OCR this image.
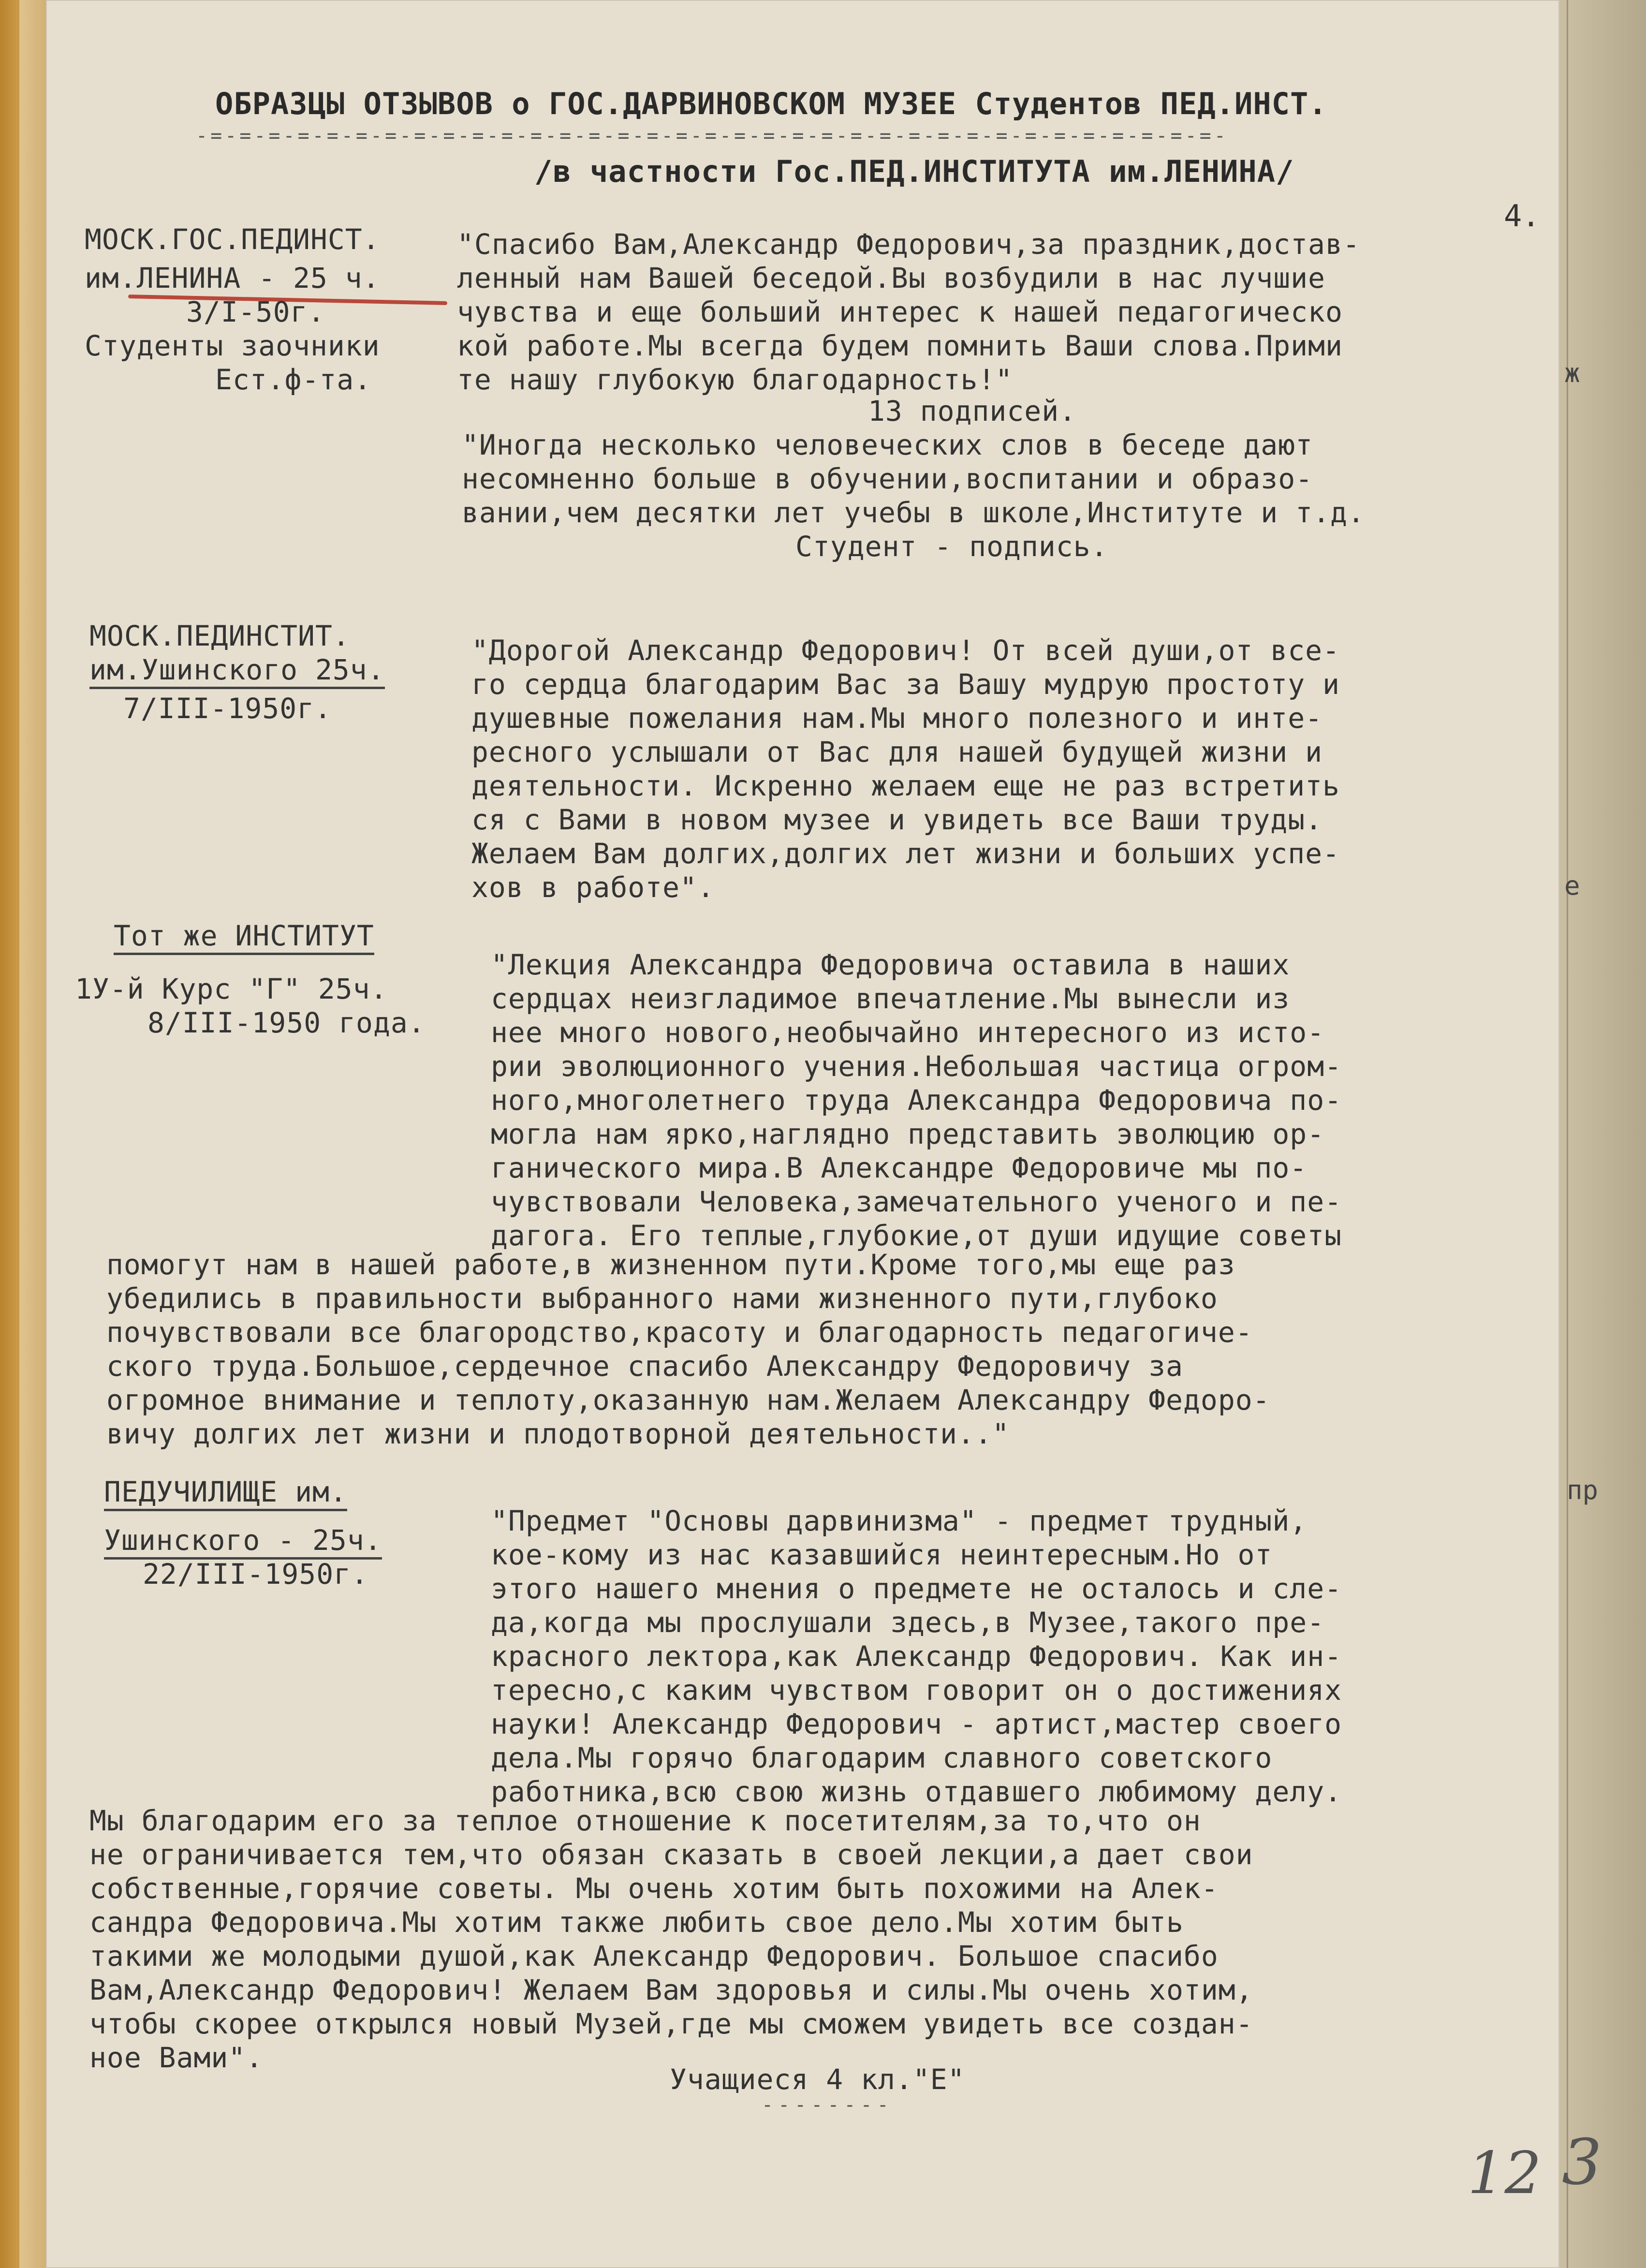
ОБРАЗЦЫ ОТЗЫВОВ о ГОС.ДАРВИНОВСКОМ МУЗЕЕ Студентов ПЕД.ИНСТ.
-=-=-=-=-=-=-=-=-=-=-=-=-=-=-=-=-=-=-=-=-=-=-=-=-=-=-=-=-=-=-=-=-=-=-=-
/в частности Гос.ПЕД.ИНСТИТУТА им.ЛЕНИНА/
4.
МОСК.ГОС.ПЕДИНСТ.
им.ЛЕНИНА - 25 ч.
3/I-50г.
Студенты заочники
Ест.ф-та.
"Спасибо Вам,Александр Федорович,за праздник,достав-
ленный нам Вашей беседой.Вы возбудили в нас лучшие
чувства и еще больший интерес к нашей педагогическо
кой работе.Мы всегда будем помнить Ваши слова.Прими
те нашу глубокую благодарность!"
13 подписей.
"Иногда несколько человеческих слов в беседе дают
несомненно больше в обучении,воспитании и образо-
вании,чем десятки лет учебы в школе,Институте и т.д.
Студент - подпись.
МОСК.ПЕДИНСТИТ.
им.Ушинского 25ч.
7/III-1950г.
"Дорогой Александр Федорович! От всей души,от все-
го сердца благодарим Вас за Вашу мудрую простоту и
душевные пожелания нам.Мы много полезного и инте-
ресного услышали от Вас для нашей будущей жизни и
деятельности. Искренно желаем еще не раз встретить
ся с Вами в новом музее и увидеть все Ваши труды.
Желаем Вам долгих,долгих лет жизни и больших успе-
хов в работе".
Тот же ИНСТИТУТ
1У-й Курс "Г" 25ч.
8/III-1950 года.
"Лекция Александра Федоровича оставила в наших
сердцах неизгладимое впечатление.Мы вынесли из
нее много нового,необычайно интересного из исто-
рии эволюционного учения.Небольшая частица огром-
ного,многолетнего труда Александра Федоровича по-
могла нам ярко,наглядно представить эволюцию ор-
ганического мира.В Александре Федоровиче мы по-
чувствовали Человека,замечательного ученого и пе-
дагога. Его теплые,глубокие,от души идущие советы
помогут нам в нашей работе,в жизненном пути.Кроме того,мы еще раз
убедились в правильности выбранного нами жизненного пути,глубоко
почувствовали все благородство,красоту и благодарность педагогиче-
ского труда.Большое,сердечное спасибо Александру Федоровичу за
огромное внимание и теплоту,оказанную нам.Желаем Александру Федоро-
вичу долгих лет жизни и плодотворной деятельности.."
ПЕДУЧИЛИЩЕ им.
Ушинского - 25ч.
22/III-1950г.
"Предмет "Основы дарвинизма" - предмет трудный,
кое-кому из нас казавшийся неинтересным.Но от
этого нашего мнения о предмете не осталось и сле-
да,когда мы прослушали здесь,в Музее,такого пре-
красного лектора,как Александр Федорович. Как ин-
тересно,с каким чувством говорит он о достижениях
науки! Александр Федорович - артист,мастер своего
дела.Мы горячо благодарим славного советского
работника,всю свою жизнь отдавшего любимому делу.
Мы благодарим его за теплое отношение к посетителям,за то,что он
не ограничивается тем,что обязан сказать в своей лекции,а дает свои
собственные,горячие советы. Мы очень хотим быть похожими на Алек-
сандра Федоровича.Мы хотим также любить свое дело.Мы хотим быть
такими же молодыми душой,как Александр Федорович. Большое спасибо
Вам,Александр Федорович! Желаем Вам здоровья и силы.Мы очень хотим,
чтобы скорее открылся новый Музей,где мы сможем увидеть все создан-
ное Вами".
Учащиеся 4 кл."Е"
--------
12
ж
е
пр
3
